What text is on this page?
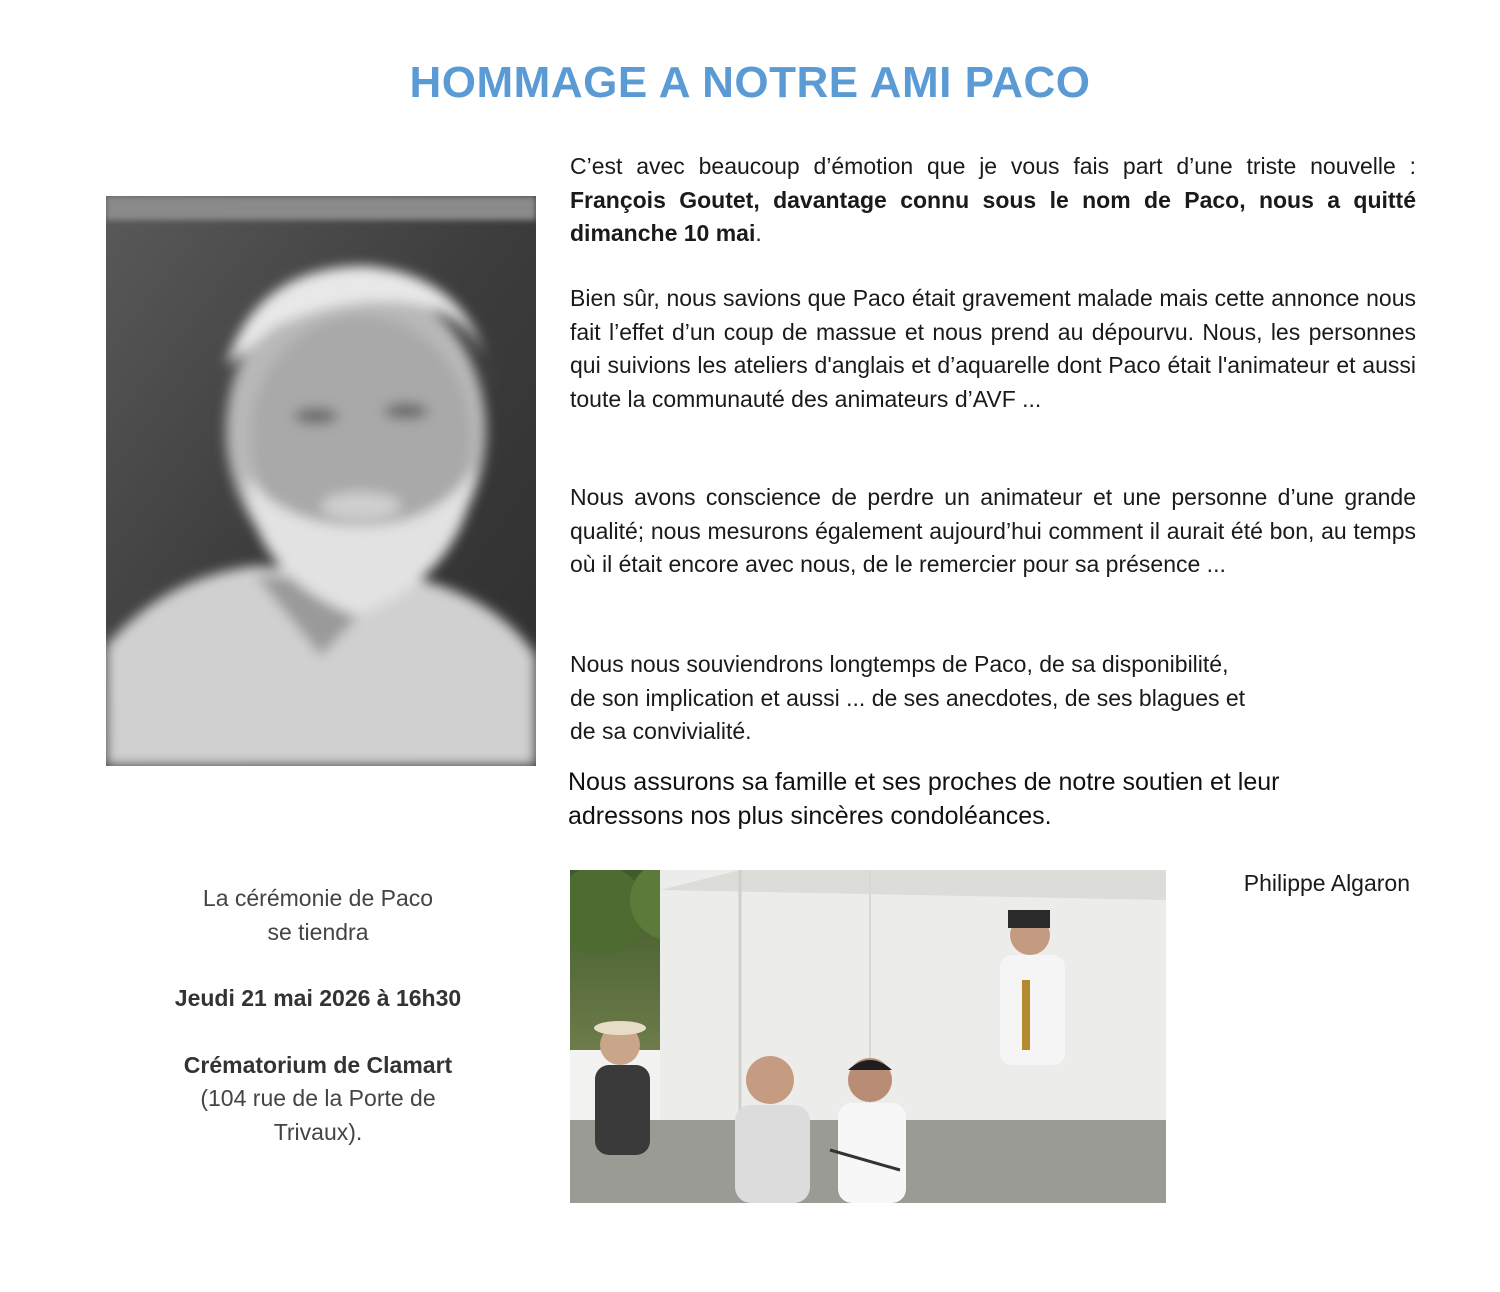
HOMMAGE A NOTRE AMI PACO

C’est avec beaucoup d’émotion que je vous fais part d’une triste nouvelle : François Goutet, davantage connu sous le nom de Paco, nous a quitté dimanche 10 mai.

Bien sûr, nous savions que Paco était gravement malade mais cette annonce nous fait l’effet d’un coup de massue et nous prend au dépourvu. Nous, les personnes qui suivions les ateliers d'anglais et d’aquarelle dont Paco était l'animateur et aussi toute la communauté des animateurs d’AVF ...

Nous avons conscience de perdre un animateur et une personne d’une grande qualité; nous mesurons également aujourd’hui comment il aurait été bon, au temps où il était encore avec nous, de le remercier pour sa présence ...

Nous nous souviendrons longtemps de Paco, de sa disponibilité,
de son implication et aussi ... de ses anecdotes, de ses blagues et
de sa convivialité.

Nous assurons sa famille et ses proches de notre soutien et leur
adressons nos plus sincères condoléances.

Philippe Algaron
La cérémonie de Paco
se tiendra
Jeudi 21 mai 2026 à 16h30
Crématorium de Clamart
(104 rue de la Porte de
Trivaux).
